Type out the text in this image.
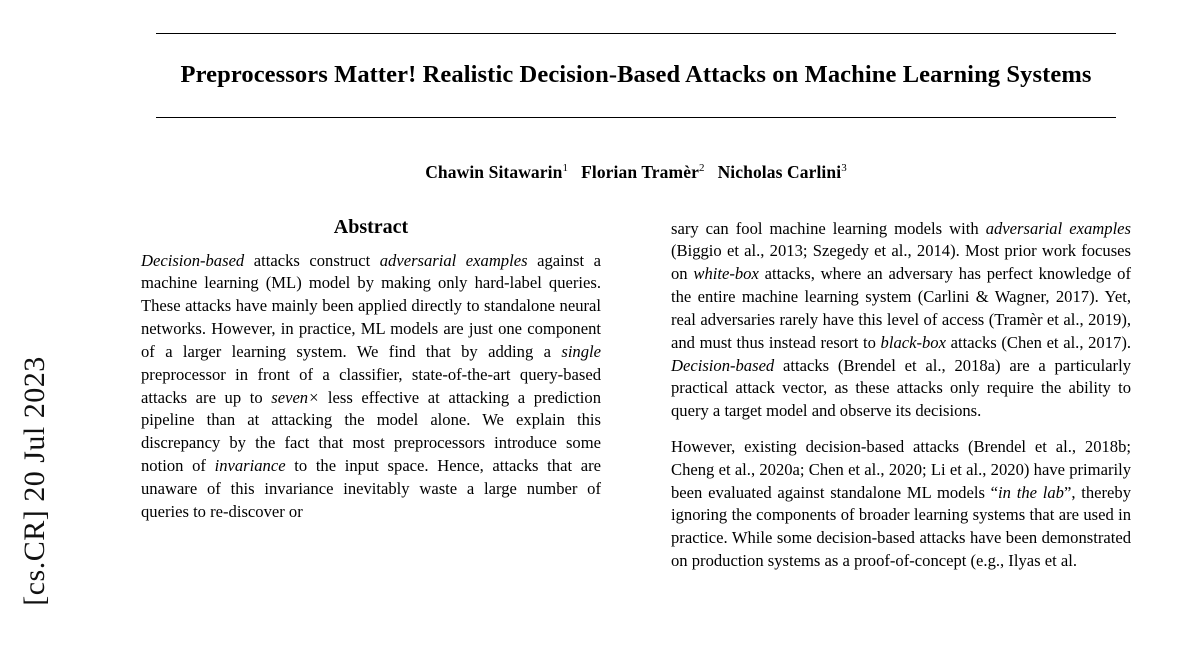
[cs.CR] 20 Jul 2023
Preprocessors Matter! Realistic Decision-Based Attacks on Machine Learning Systems
Chawin Sitawarin$^1$ Florian Tramèr$^2$ Nicholas Carlini$^3$
Abstract

Decision-based attacks construct adversarial examples against a machine learning (ML) model by making only hard-label queries. These attacks have mainly been applied directly to standalone neural networks. However, in practice, ML models are just one component of a larger learning system. We find that by adding a single preprocessor in front of a classifier, state-of-the-art query-based attacks are up to seven× less effective at attacking a prediction pipeline than at attacking the model alone. We explain this discrepancy by the fact that most preprocessors introduce some notion of invariance to the input space. Hence, attacks that are unaware of this invariance inevitably waste a large number of queries to re-discover or

sary can fool machine learning models with adversarial examples (Biggio et al., 2013; Szegedy et al., 2014). Most prior work focuses on white-box attacks, where an adversary has perfect knowledge of the entire machine learning system (Carlini & Wagner, 2017). Yet, real adversaries rarely have this level of access (Tramèr et al., 2019), and must thus instead resort to black-box attacks (Chen et al., 2017). Decision-based attacks (Brendel et al., 2018a) are a particularly practical attack vector, as these attacks only require the ability to query a target model and observe its decisions.

However, existing decision-based attacks (Brendel et al., 2018b; Cheng et al., 2020a; Chen et al., 2020; Li et al., 2020) have primarily been evaluated against standalone ML models “in the lab”, thereby ignoring the components of broader learning systems that are used in practice. While some decision-based attacks have been demonstrated on production systems as a proof-of-concept (e.g., Ilyas et al.
